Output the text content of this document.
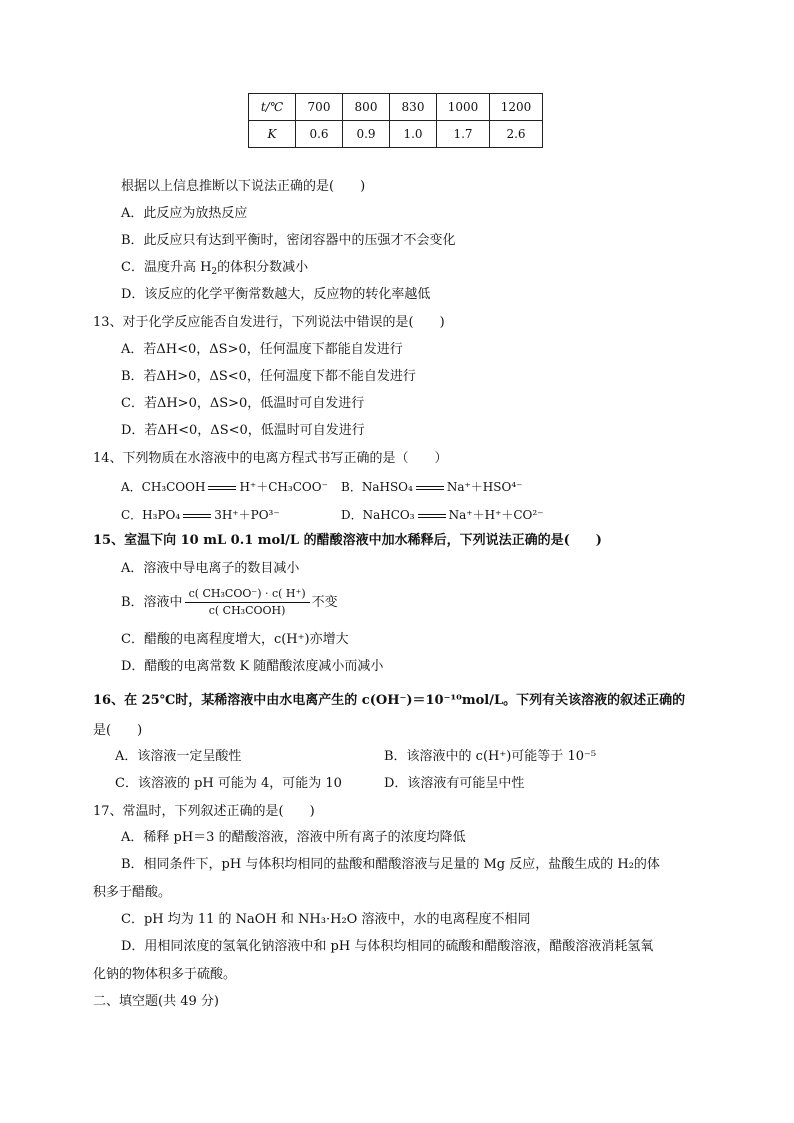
t/℃	700	800	830	1000	1200
K	0.6	0.9	1.0	1.7	2.6
根据以上信息推断以下说法正确的是(　　)
A．此反应为放热反应
B．此反应只有达到平衡时，密闭容器中的压强才不会变化
C．温度升高 $H_2$的体积分数减小
D．该反应的化学平衡常数越大，反应物的转化率越低
13、对于化学反应能否自发进行，下列说法中错误的是(　　)
A．若ΔH<0，ΔS>0，任何温度下都能自发进行
B．若ΔH>0，ΔS<0，任何温度下都不能自发进行
C．若ΔH>0，ΔS>0，低温时可自发进行
D．若ΔH<0，ΔS<0，低温时可自发进行
14、下列物质在水溶液中的电离方程式书写正确的是（　　）
A．CH₃COOH	H⁺＋CH₃COO⁻ B．NaHSO₄	Na⁺＋HSO⁴⁻
C．H₃PO₄	3H⁺＋PO³⁻	D．NaHCO₃	Na⁺＋H⁺＋CO²⁻
15、室温下向 10 mL 0.1 mol/L 的醋酸溶液中加水稀释后，下列说法正确的是(　　)
A．溶液中导电离子的数目减小
B．溶液中 $\frac{\text{c( CH₃COO⁻) · c( H⁺)}}{\text{c( CH₃COOH)}}$ 不变
C．醋酸的电离程度增大，c(H⁺)亦增大
D．醋酸的电离常数 K 随醋酸浓度减小而减小
16、在 25℃时，某稀溶液中由水电离产生的 c(OH⁻)＝10⁻¹⁰mol/L。下列有关该溶液的叙述正确的
是(　　)
A．该溶液一定呈酸性	B．该溶液中的 c(H⁺)可能等于 10⁻⁵
C．该溶液的 pH 可能为 4，可能为 10	D．该溶液有可能呈中性
17、常温时，下列叙述正确的是(　　)
A．稀释 pH＝3 的醋酸溶液，溶液中所有离子的浓度均降低
B．相同条件下，pH 与体积均相同的盐酸和醋酸溶液与足量的 Mg 反应，盐酸生成的 H₂的体
积多于醋酸。
C．pH 均为 11 的 NaOH 和 NH₃·H₂O 溶液中，水的电离程度不相同
D．用相同浓度的氢氧化钠溶液中和 pH 与体积均相同的硫酸和醋酸溶液，醋酸溶液消耗氢氧
化钠的物体积多于硫酸。
二、填空题(共 49 分)
